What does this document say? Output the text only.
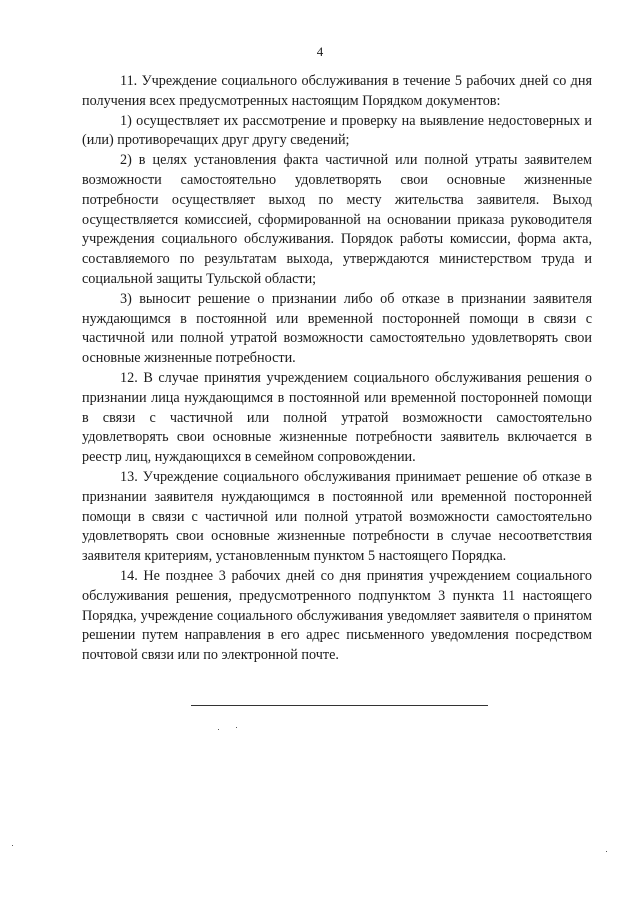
4

11. Учреждение социального обслуживания в течение 5 рабочих дней со дня получения всех предусмотренных настоящим Порядком документов:

1) осуществляет их рассмотрение и проверку на выявление недостоверных и (или) противоречащих друг другу сведений;

2) в целях установления факта частичной или полной утраты заявителем возможности самостоятельно удовлетворять свои основные жизненные потребности осуществляет выход по месту жительства заявителя. Выход осуществляется комиссией, сформированной на основании приказа руководителя учреждения социального обслуживания. Порядок работы комиссии, форма акта, составляемого по результатам выхода, утверждаются министерством труда и социальной защиты Тульской области;

3) выносит решение о признании либо об отказе в признании заявителя нуждающимся в постоянной или временной посторонней помощи в связи с частичной или полной утратой возможности самостоятельно удовлетворять свои основные жизненные потребности.

12. В случае принятия учреждением социального обслуживания решения о признании лица нуждающимся в постоянной или временной посторонней помощи в связи с частичной или полной утратой возможности самостоятельно удовлетворять свои основные жизненные потребности заявитель включается в реестр лиц, нуждающихся в семейном сопровождении.

13. Учреждение социального обслуживания принимает решение об отказе в признании заявителя нуждающимся в постоянной или временной посторонней помощи в связи с частичной или полной утратой возможности самостоятельно удовлетворять свои основные жизненные потребности в случае несоответствия заявителя критериям, установленным пунктом 5 настоящего Порядка.

14. Не позднее 3 рабочих дней со дня принятия учреждением социального обслуживания решения, предусмотренного подпунктом 3 пункта 11 настоящего Порядка, учреждение социального обслуживания уведомляет заявителя о принятом решении путем направления в его адрес письменного уведомления посредством почтовой связи или по электронной почте.
